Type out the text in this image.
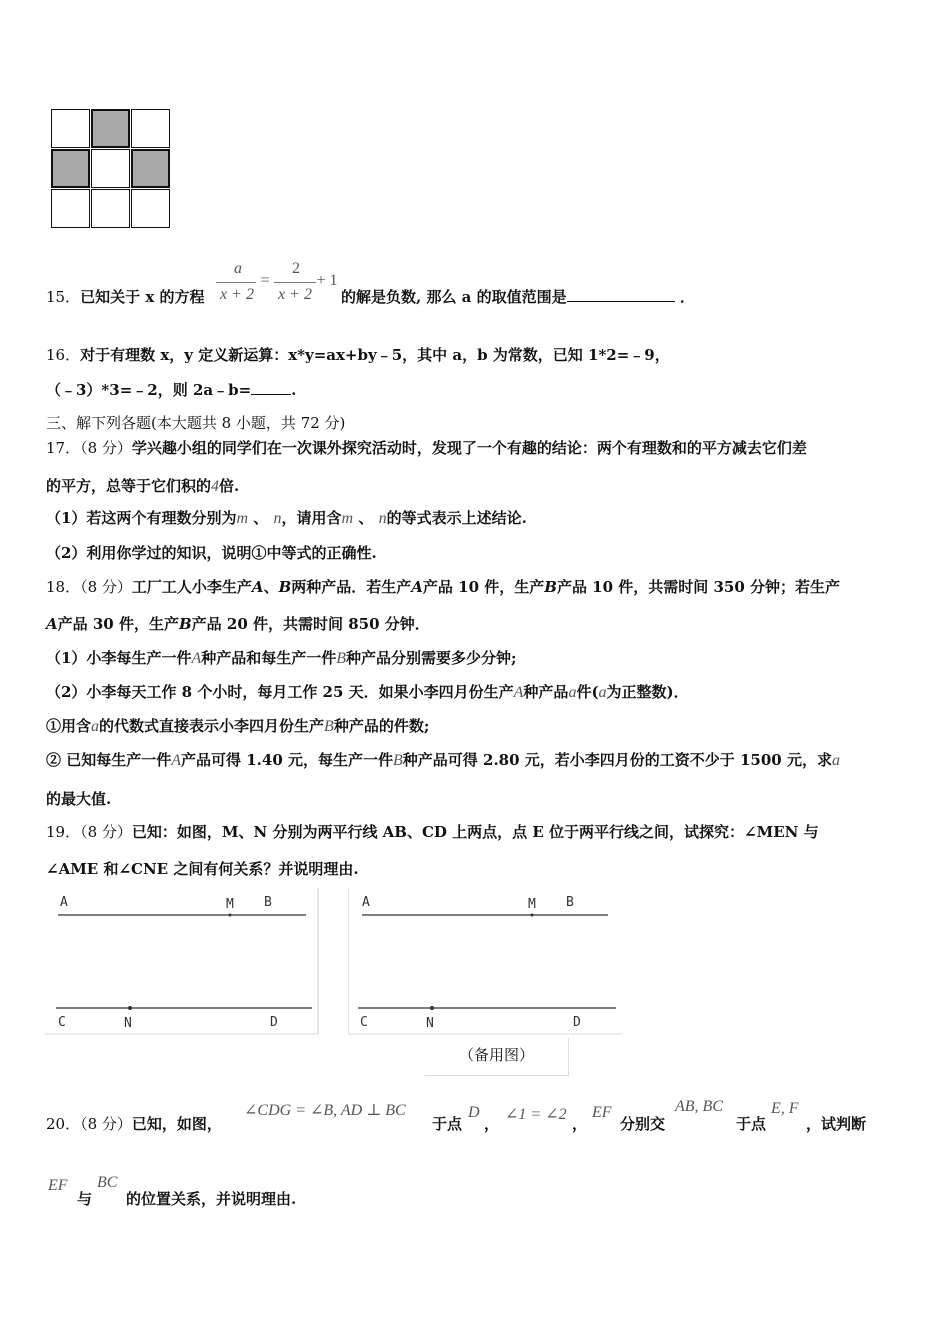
15．已知关于 x 的方程
a
x + 2
=
2
x + 2
+ 1
的解是负数, 那么 a 的取值范围是	．
16．对于有理数 x，y 定义新运算：x*y=ax+by﹣5，其中 a，b 为常数，已知 1*2=﹣9，
（﹣3）*3=﹣2，则 2a﹣b=	.
三、解下列各题(本大题共 8 小题，共 72 分)
17．（8 分）学兴趣小组的同学们在一次课外探究活动时，发现了一个有趣的结论：两个有理数和的平方减去它们差
的平方，总等于它们积的4倍.
（1）若这两个有理数分别为m 、 n，请用含m 、 n的等式表示上述结论.
（2）利用你学过的知识，说明①中等式的正确性.
18．（8 分）工厂工人小李生产A、B两种产品．若生产A产品 10 件，生产B产品 10 件，共需时间 350 分钟；若生产
A产品 30 件，生产B产品 20 件，共需时间 850 分钟．
（1）小李每生产一件A种产品和每生产一件B种产品分别需要多少分钟;
（2）小李每天工作 8 个小时，每月工作 25 天．如果小李四月份生产A种产品a件(a为正整数)．
①用含a的代数式直接表示小李四月份生产B种产品的件数;
② 已知每生产一件A产品可得 1.40 元，每生产一件B种产品可得 2.80 元，若小李四月份的工资不少于 1500 元，求a
的最大值.
19．（8 分）已知：如图，M、N 分别为两平行线 AB、CD 上两点，点 E 位于两平行线之间，试探究：∠MEN 与
∠AME 和∠CNE 之间有何关系？并说明理由.
A	M B
C	N	D
A	M B
C	N	D
（备用图）
20．（8 分）已知，如图，
∠CDG = ∠B, AD ⊥ BC
于点
D
，
∠1 = ∠2
，
EF
分别交
AB, BC
于点
E, F
，试判断
EF
与
BC
的位置关系，并说明理由.
